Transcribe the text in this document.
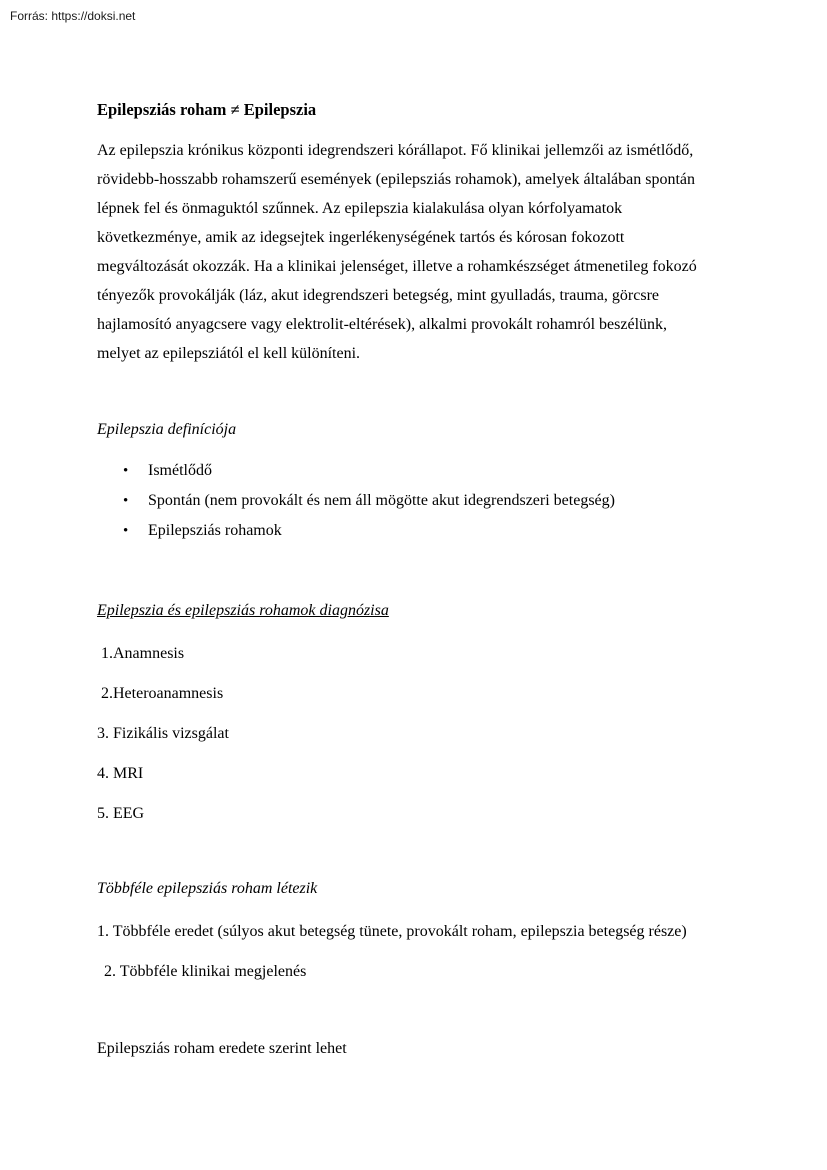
Forrás: https://doksi.net
Epilepsziás roham ≠ Epilepszia
Az epilepszia krónikus központi idegrendszeri kórállapot. Fő klinikai jellemzői az ismétlődő,
rövidebb-hosszabb rohamszerű események (epilepsziás rohamok), amelyek általában spontán
lépnek fel és önmaguktól szűnnek. Az epilepszia kialakulása olyan kórfolyamatok
következménye, amik az idegsejtek ingerlékenységének tartós és kórosan fokozott
megváltozását okozzák. Ha a klinikai jelenséget, illetve a rohamkészséget átmenetileg fokozó
tényezők provokálják (láz, akut idegrendszeri betegség, mint gyulladás, trauma, görcsre
hajlamosító anyagcsere vagy elektrolit-eltérések), alkalmi provokált rohamról beszélünk,
melyet az epilepsziától el kell különíteni.
Epilepszia definíciója
• Ismétlődő
• Spontán (nem provokált és nem áll mögötte akut idegrendszeri betegség)
• Epilepsziás rohamok
Epilepszia és epilepsziás rohamok diagnózisa
1.Anamnesis
2.Heteroanamnesis
3. Fizikális vizsgálat
4. MRI
5. EEG
Többféle epilepsziás roham létezik
1. Többféle eredet (súlyos akut betegség tünete, provokált roham, epilepszia betegség része)
2. Többféle klinikai megjelenés
Epilepsziás roham eredete szerint lehet
